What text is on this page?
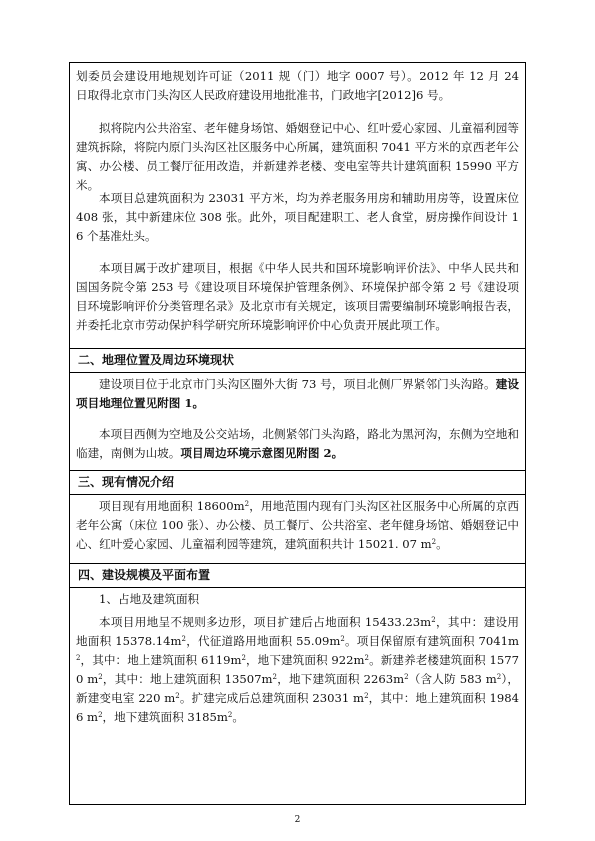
划委员会建设用地规划许可证（2011 规（门）地字 0007 号）。2012 年 12 月 24 日取得北京市门头沟区人民政府建设用地批准书，门政地字[2012]6 号。
拟将院内公共浴室、老年健身场馆、婚姻登记中心、红叶爱心家园、儿童福利园等建筑拆除，将院内原门头沟区社区服务中心所属，建筑面积 7041 平方米的京西老年公寓、办公楼、员工餐厅征用改造，并新建养老楼、变电室等共计建筑面积 15990 平方米。
本项目总建筑面积为 23031 平方米，均为养老服务用房和辅助用房等，设置床位 408 张，其中新建床位 308 张。此外，项目配建职工、老人食堂，厨房操作间设计 16 个基准灶头。
本项目属于改扩建项目，根据《中华人民共和国环境影响评价法》、中华人民共和国国务院令第 253 号《建设项目环境保护管理条例》、环境保护部令第 2 号《建设项目环境影响评价分类管理名录》及北京市有关规定，该项目需要编制环境影响报告表，并委托北京市劳动保护科学研究所环境影响评价中心负责开展此项工作。
二、地理位置及周边环境现状
建设项目位于北京市门头沟区圈外大街 73 号，项目北侧厂界紧邻门头沟路。建设项目地理位置见附图 1。
本项目西侧为空地及公交站场，北侧紧邻门头沟路，路北为黑河沟，东侧为空地和临建，南侧为山坡。项目周边环境示意图见附图 2。
三、现有情况介绍
项目现有用地面积 $18600m^2$，用地范围内现有门头沟区社区服务中心所属的京西老年公寓（床位 100 张）、办公楼、员工餐厅、公共浴室、老年健身场馆、婚姻登记中心、红叶爱心家园、儿童福利园等建筑，建筑面积共计 15021. 07 $m^2$。
四、建设规模及平面布置
1、占地及建筑面积
本项目用地呈不规则多边形，项目扩建后占地面积 $15433.23m^2$，其中：建设用地面积 $15378.14m^2$，代征道路用地面积 $55.09m^2$。项目保留原有建筑面积 $7041m^2$，其中：地上建筑面积 $6119m^2$，地下建筑面积 $922m^2$。新建养老楼建筑面积 15770 $m^2$，其中：地上建筑面积 $13507m^2$，地下建筑面积 $2263m^2$（含人防 583 $m^2$），新建变电室 220 $m^2$。扩建完成后总建筑面积 23031 $m^2$，其中：地上建筑面积 19846 $m^2$，地下建筑面积 $3185m^2$。
2
